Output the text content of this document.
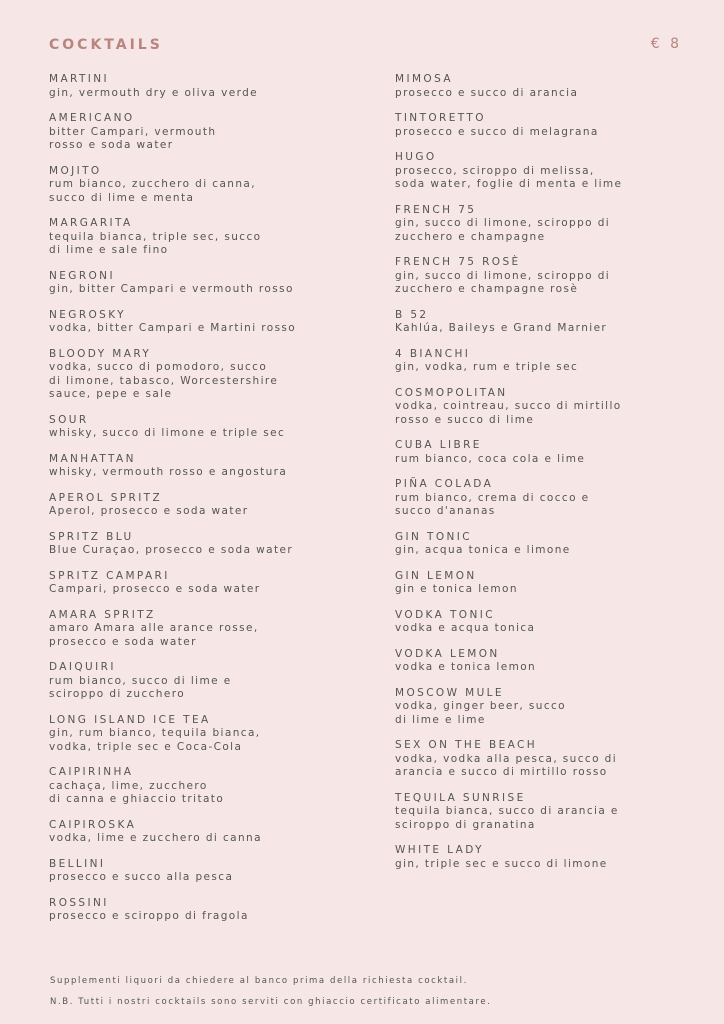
COCKTAILS	€ 8
MARTINI
gin, vermouth dry e oliva verde
AMERICANO
bitter Campari, vermouth
rosso e soda water
MOJITO
rum bianco, zucchero di canna,
succo di lime e menta
MARGARITA
tequila bianca, triple sec, succo
di lime e sale fino
NEGRONI
gin, bitter Campari e vermouth rosso
NEGROSKY
vodka, bitter Campari e Martini rosso
BLOODY MARY
vodka, succo di pomodoro, succo
di limone, tabasco, Worcestershire
sauce, pepe e sale
SOUR
whisky, succo di limone e triple sec
MANHATTAN
whisky, vermouth rosso e angostura
APEROL SPRITZ
Aperol, prosecco e soda water
SPRITZ BLU
Blue Curaçao, prosecco e soda water
SPRITZ CAMPARI
Campari, prosecco e soda water
AMARA SPRITZ
amaro Amara alle arance rosse,
prosecco e soda water
DAIQUIRI
rum bianco, succo di lime e
sciroppo di zucchero
LONG ISLAND ICE TEA
gin, rum bianco, tequila bianca,
vodka, triple sec e Coca-Cola
CAIPIRINHA
cachaça, lime, zucchero
di canna e ghiaccio tritato
CAIPIROSKA
vodka, lime e zucchero di canna
BELLINI
prosecco e succo alla pesca
ROSSINI
prosecco e sciroppo di fragola
MIMOSA
prosecco e succo di arancia
TINTORETTO
prosecco e succo di melagrana
HUGO
prosecco, sciroppo di melissa,
soda water, foglie di menta e lime
FRENCH 75
gin, succo di limone, sciroppo di
zucchero e champagne
FRENCH 75 ROSÈ
gin, succo di limone, sciroppo di
zucchero e champagne rosè
B 52
Kahlúa, Baileys e Grand Marnier
4 BIANCHI
gin, vodka, rum e triple sec
COSMOPOLITAN
vodka, cointreau, succo di mirtillo
rosso e succo di lime
CUBA LIBRE
rum bianco, coca cola e lime
PIÑA COLADA
rum bianco, crema di cocco e
succo d'ananas
GIN TONIC
gin, acqua tonica e limone
GIN LEMON
gin e tonica lemon
VODKA TONIC
vodka e acqua tonica
VODKA LEMON
vodka e tonica lemon
MOSCOW MULE
vodka, ginger beer, succo
di lime e lime
SEX ON THE BEACH
vodka, vodka alla pesca, succo di
arancia e succo di mirtillo rosso
TEQUILA SUNRISE
tequila bianca, succo di arancia e
sciroppo di granatina
WHITE LADY
gin, triple sec e succo di limone
Supplementi liquori da chiedere al banco prima della richiesta cocktail.
N.B. Tutti i nostri cocktails sono serviti con ghiaccio certificato alimentare.
